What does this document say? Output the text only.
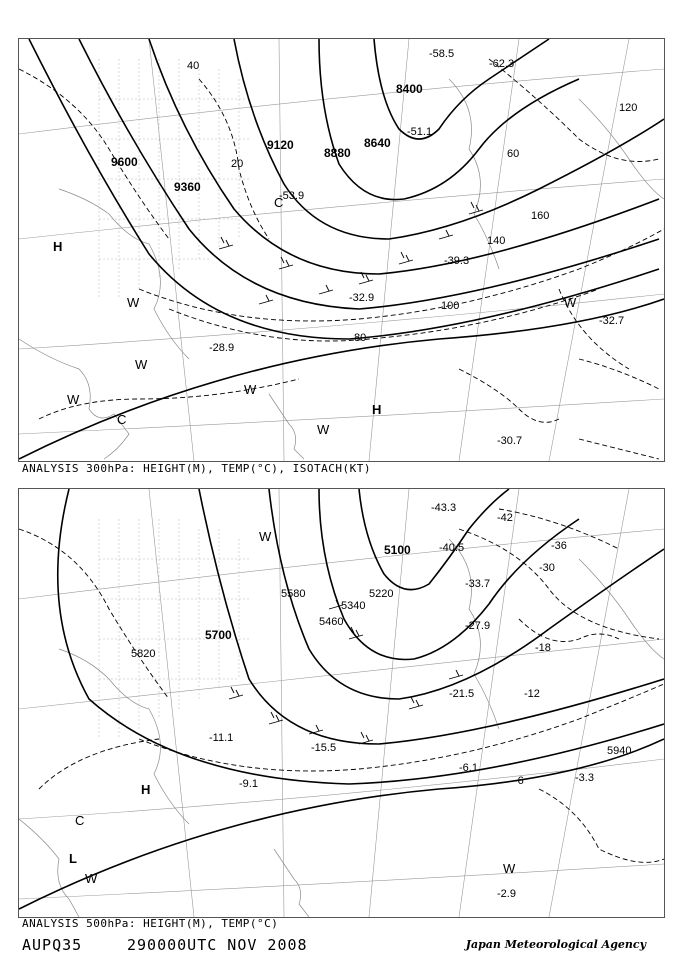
9600
9360
9120
8880
8640
8400
40
20
60
80
100
120
140
160
-32.7
-30.7
-28.9
-32.9
-39.3
-51.1
-53.9
-58.5
-62.3
H
H
C
C
W
W
W
W
W
W
ANALYSIS 300hPa: HEIGHT(M), TEMP(°C), ISOTACH(KT)
5820
5700
5580
5460
5340
5220
5100
5940
-42
-36
-30
-18
-12
-6
-43.3
-40.5
-33.7
-27.9
-21.5
-15.5
-11.1
-9.1
-6.1
-3.3
-2.9
H
L
C
W
W
W
ANALYSIS 500hPa: HEIGHT(M), TEMP(°C)
AUPQ35	290000UTC NOV 2008	Japan Meteorological Agency
